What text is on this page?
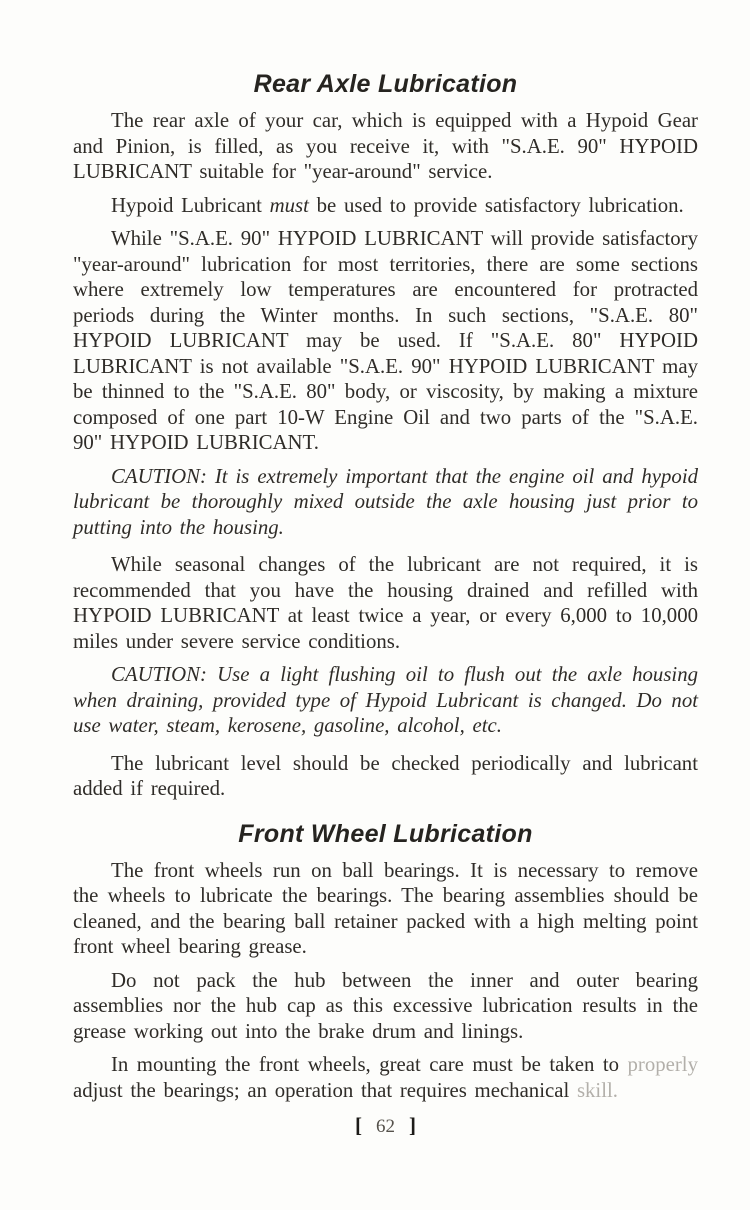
Rear Axle Lubrication

The rear axle of your car, which is equipped with a Hypoid Gear and Pinion, is filled, as you receive it, with "S.A.E. 90" HYPOID LUBRICANT suitable for "year-around" service.

Hypoid Lubricant must be used to provide satisfactory lubrication.

While "S.A.E. 90" HYPOID LUBRICANT will provide satisfactory "year-around" lubrication for most territories, there are some sections where extremely low temperatures are encountered for protracted periods during the Winter months. In such sections, "S.A.E. 80" HYPOID LUBRICANT may be used. If "S.A.E. 80" HYPOID LUBRICANT is not available "S.A.E. 90" HYPOID LUBRICANT may be thinned to the "S.A.E. 80" body, or viscosity, by making a mixture composed of one part 10-W Engine Oil and two parts of the "S.A.E. 90" HYPOID LUBRICANT.

CAUTION: It is extremely important that the engine oil and hypoid lubricant be thoroughly mixed outside the axle housing just prior to putting into the housing.

While seasonal changes of the lubricant are not required, it is recommended that you have the housing drained and refilled with HYPOID LUBRICANT at least twice a year, or every 6,000 to 10,000 miles under severe service conditions.

CAUTION: Use a light flushing oil to flush out the axle housing when draining, provided type of Hypoid Lubricant is changed. Do not use water, steam, kerosene, gasoline, alcohol, etc.

The lubricant level should be checked periodically and lubricant added if required.

Front Wheel Lubrication

The front wheels run on ball bearings. It is necessary to remove the wheels to lubricate the bearings. The bearing assemblies should be cleaned, and the bearing ball retainer packed with a high melting point front wheel bearing grease.

Do not pack the hub between the inner and outer bearing assemblies nor the hub cap as this excessive lubrication results in the grease working out into the brake drum and linings.

In mounting the front wheels, great care must be taken to properly adjust the bearings; an operation that requires mechanical skill.

[ 62 ]
